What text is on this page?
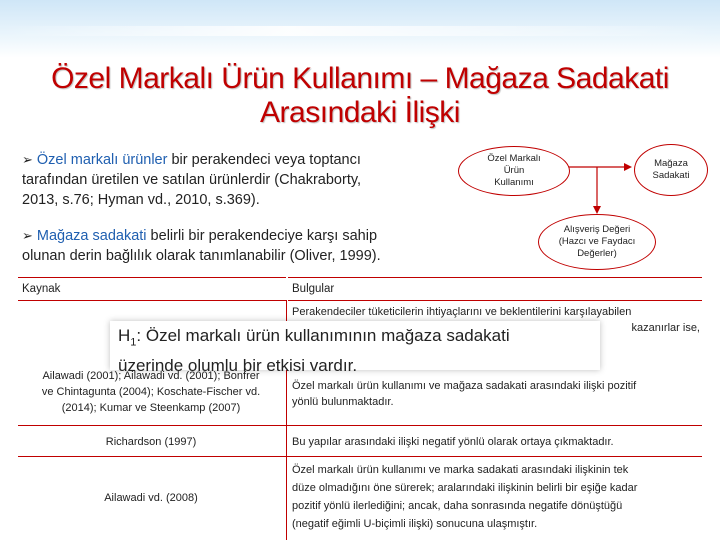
Özel Markalı Ürün Kullanımı – Mağaza Sadakati
Arasındaki İlişki
➢ Özel markalı ürünler bir perakendeci veya toptancı
tarafından üretilen ve satılan ürünlerdir (Chakraborty,
2013, s.76; Hyman vd., 2010, s.369).
➢ Mağaza sadakati belirli bir perakendeciye karşı sahip
olunan derin bağlılık olarak tanımlanabilir (Oliver, 1999).
Özel Markalı
Ürün
Kullanımı
Mağaza
Sadakati
Alışveriş Değeri
(Hazcı ve Faydacı
Değerler)
Kaynak	Bulgular
Perakendeciler tüketicilerin ihtiyaçlarını ve beklentilerini karşılayabilen
kazanırlar ise,
Ailawadi (2001); Ailawadi vd. (2001); Bonfrer
ve Chintagunta (2004); Koschate-Fischer vd.
(2014); Kumar ve Steenkamp (2007)
Özel markalı ürün kullanımı ve mağaza sadakati arasındaki ilişki pozitif
yönlü bulunmaktadır.
Richardson (1997)	Bu yapılar arasındaki ilişki negatif yönlü olarak ortaya çıkmaktadır.
Ailawadi vd. (2008)
Özel markalı ürün kullanımı ve marka sadakati arasındaki ilişkinin tek
düze olmadığını öne sürerek; aralarındaki ilişkinin belirli bir eşiğe kadar
pozitif yönlü ilerlediğini; ancak, daha sonrasında negatife dönüştüğü
(negatif eğimli U-biçimli ilişki) sonucuna ulaşmıştır.
$H_1$: Özel markalı ürün kullanımının mağaza sadakati
üzerinde olumlu bir etkisi vardır.
